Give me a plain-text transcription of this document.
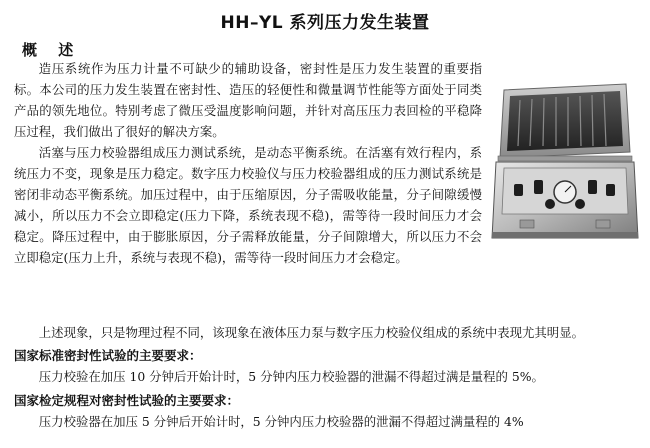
HH–YL 系列压力发生装置
概 述

造压系统作为压力计量不可缺少的辅助设备，密封性是压力发生装置的重要指标。本公司的压力发生装置在密封性、造压的轻便性和微量调节性能等方面处于同类产品的领先地位。特别考虑了微压受温度影响问题，并针对高压压力表回检的平稳降压过程，我们做出了很好的解决方案。

活塞与压力校验器组成压力测试系统，是动态平衡系统。在活塞有效行程内，系统压力不变，现象是压力稳定。数字压力校验仪与压力校验器组成的压力测试系统是密闭非动态平衡系统。加压过程中，由于压缩原因，分子需吸收能量，分子间隙缓慢减小，所以压力不会立即稳定(压力下降，系统表现不稳)，需等待一段时间压力才会稳定。降压过程中，由于膨胀原因，分子需释放能量，分子间隙增大，所以压力不会立即稳定(压力上升，系统与表现不稳)，需等待一段时间压力才会稳定。

上述现象，只是物理过程不同，该现象在液体压力泵与数字压力校验仪组成的系统中表现尤其明显。
国家标准密封性试验的主要要求：
压力校验在加压 10 分钟后开始计时，5 分钟内压力校验器的泄漏不得超过满是量程的 5%。
国家检定规程对密封性试验的主要要求：
压力校验器在加压 5 分钟后开始计时，5 分钟内压力校验器的泄漏不得超过满量程的 4%
